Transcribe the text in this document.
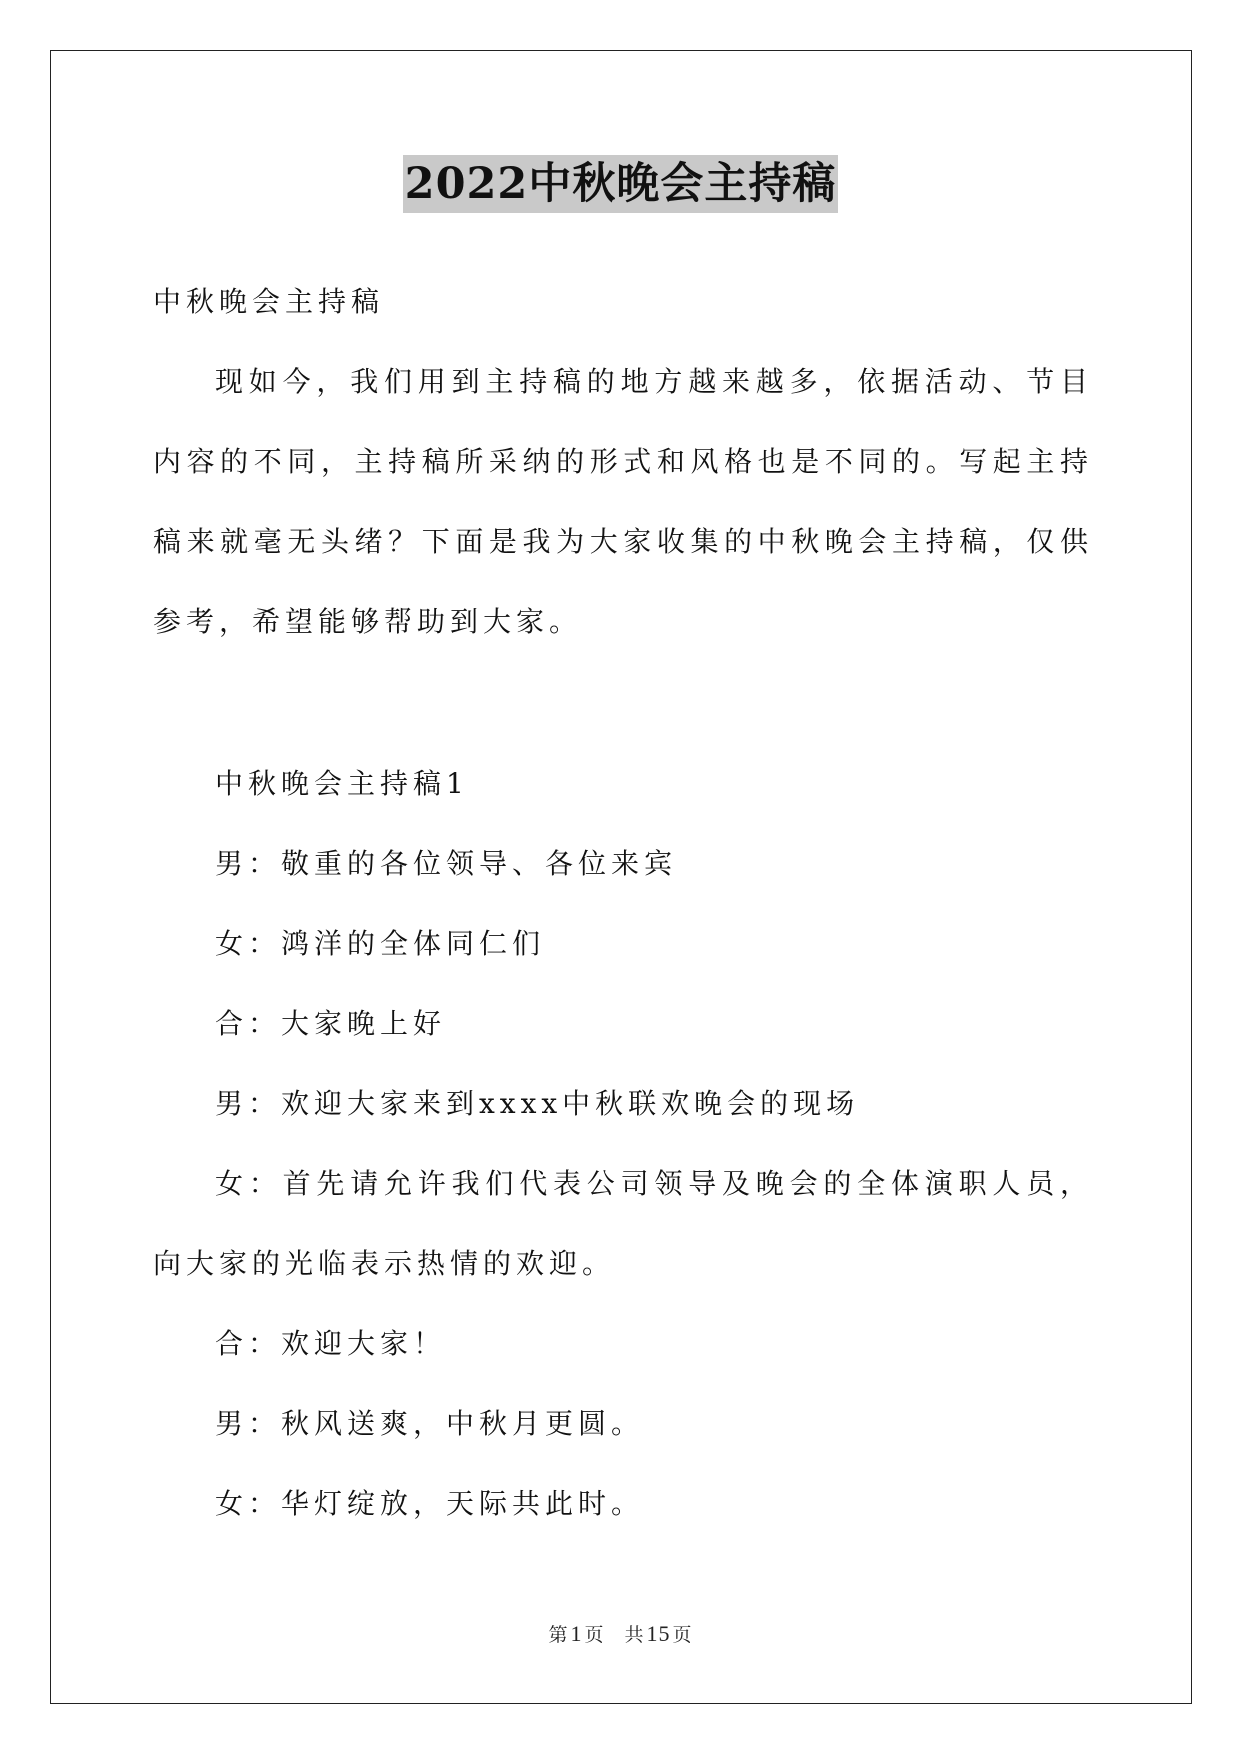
2022中秋晚会主持稿

中秋晚会主持稿

现如今，我们用到主持稿的地方越来越多，依据活动、节目内容的不同，主持稿所采纳的形式和风格也是不同的。写起主持稿来就毫无头绪？下面是我为大家收集的中秋晚会主持稿，仅供参考，希望能够帮助到大家。

中秋晚会主持稿1

男：敬重的各位领导、各位来宾

女：鸿洋的全体同仁们

合：大家晚上好

男：欢迎大家来到xxxx中秋联欢晚会的现场

女：首先请允许我们代表公司领导及晚会的全体演职人员，向大家的光临表示热情的欢迎。

合：欢迎大家！

男：秋风送爽，中秋月更圆。

女：华灯绽放，天际共此时。

第1 页 共15 页
